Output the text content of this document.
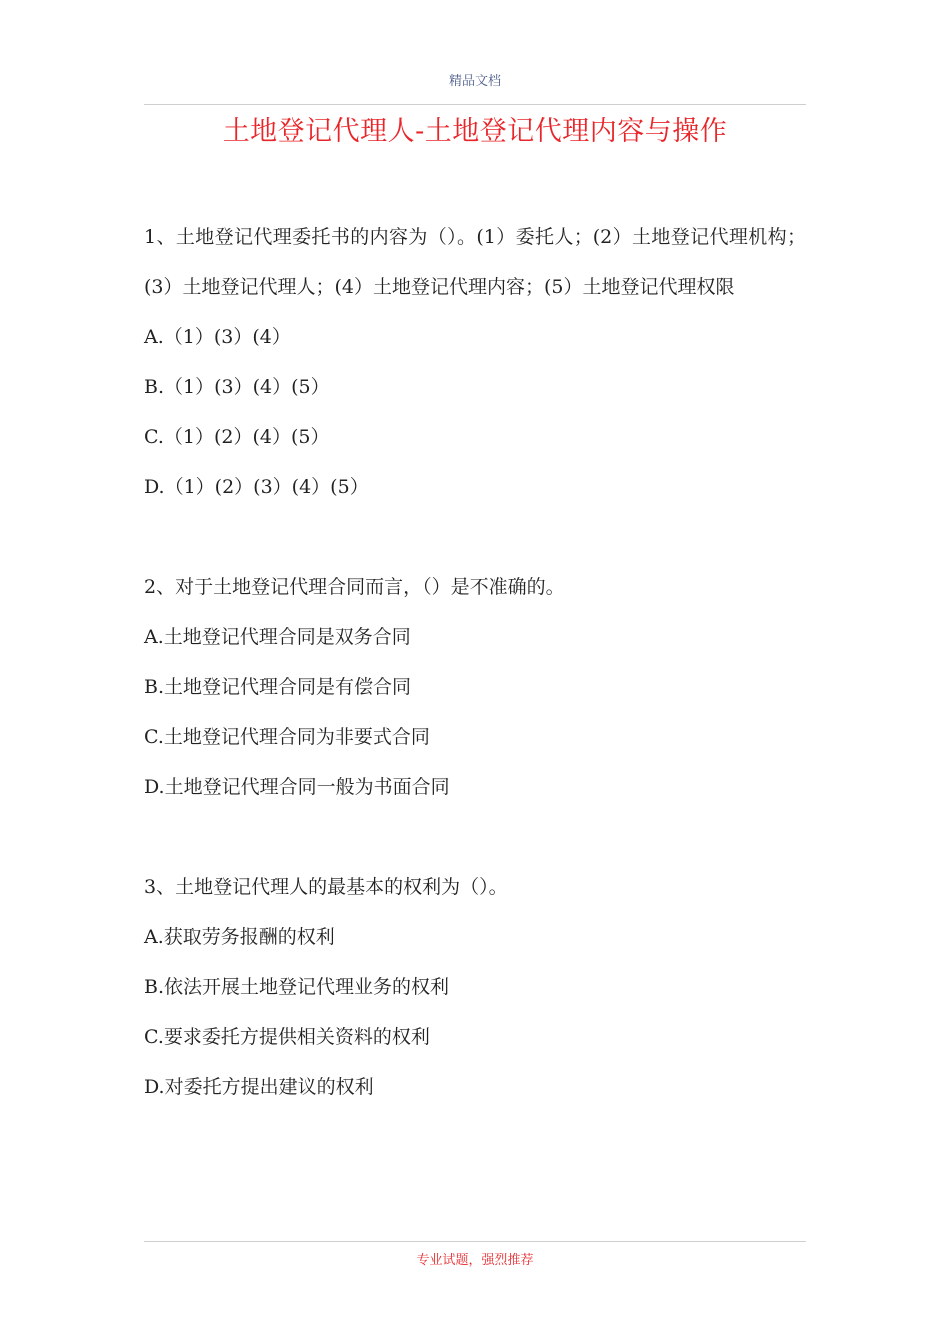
精品文档
土地登记代理人-土地登记代理内容与操作

1、土地登记代理委托书的内容为（）。(1）委托人；(2）土地登记代理机构；(3）土地登记代理人；(4）土地登记代理内容；(5）土地登记代理权限

A.（1）(3）(4）

B.（1）(3）(4）(5）

C.（1）(2）(4）(5）

D.（1）(2）(3）(4）(5）

2、对于土地登记代理合同而言，（）是不准确的。

A.土地登记代理合同是双务合同

B.土地登记代理合同是有偿合同

C.土地登记代理合同为非要式合同

D.土地登记代理合同一般为书面合同

3、土地登记代理人的最基本的权利为（）。

A.获取劳务报酬的权利

B.依法开展土地登记代理业务的权利

C.要求委托方提供相关资料的权利

D.对委托方提出建议的权利

专业试题，强烈推荐
